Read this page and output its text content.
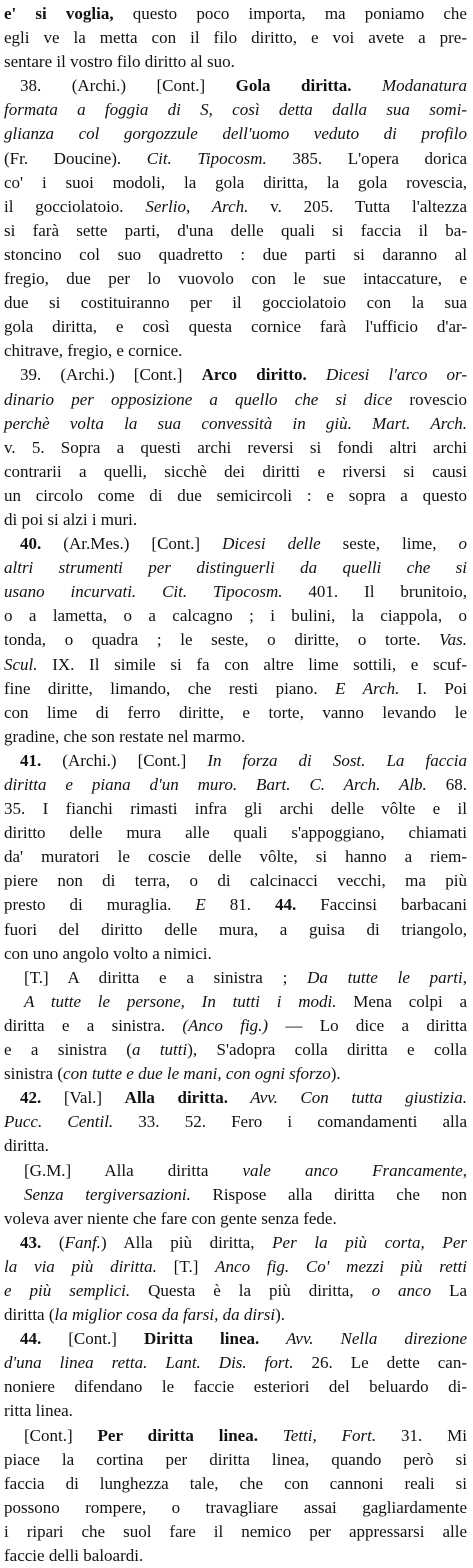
e' si voglia, questo poco importa, ma poniamo che
egli ve la metta con il filo diritto, e voi avete a pre-
sentare il vostro filo diritto al suo.
38. (Archi.) [Cont.] Gola diritta. Modanatura
formata a foggia di S, così detta dalla sua somi-
glianza col gorgozzule dell'uomo veduto di profilo
(Fr. Doucine). Cit. Tipocosm. 385. L'opera dorica
co' i suoi modoli, la gola diritta, la gola rovescia,
il gocciolatoio. Serlio, Arch. v. 205. Tutta l'altezza
si farà sette parti, d'una delle quali si faccia il ba-
stoncino col suo quadretto : due parti si daranno al
fregio, due per lo vuovolo con le sue intaccature, e
due si costituiranno per il gocciolatoio con la sua
gola diritta, e così questa cornice farà l'ufficio d'ar-
chitrave, fregio, e cornice.
39. (Archi.) [Cont.] Arco diritto. Dicesi l'arco or-
dinario per opposizione a quello che si dice rovescio
perchè volta la sua convessità in giù. Mart. Arch.
v. 5. Sopra a questi archi reversi si fondi altri archi
contrarii a quelli, sicchè dei diritti e riversi si causi
un circolo come di due semicircoli : e sopra a questo
di poi si alzi i muri.
40. (Ar.Mes.) [Cont.] Dicesi delle seste, lime, o
altri strumenti per distinguerli da quelli che si
usano incurvati. Cit. Tipocosm. 401. Il brunitoio,
o a lametta, o a calcagno ; i bulini, la ciappola, o
tonda, o quadra ; le seste, o diritte, o torte. Vas.
Scul. IX. Il simile si fa con altre lime sottili, e scuf-
fine diritte, limando, che resti piano. E Arch. I. Poi
con lime di ferro diritte, e torte, vanno levando le
gradine, che son restate nel marmo.
41. (Archi.) [Cont.] In forza di Sost. La faccia
diritta e piana d'un muro. Bart. C. Arch. Alb. 68.
35. I fianchi rimasti infra gli archi delle vôlte e il
diritto delle mura alle quali s'appoggiano, chiamati
da' muratori le coscie delle vôlte, si hanno a riem-
piere non di terra, o di calcinacci vecchi, ma più
presto di muraglia. E 81. 44. Faccinsi barbacani
fuori del diritto delle mura, a guisa di triangolo,
con uno angolo volto a nimici.
[T.] A diritta e a sinistra ; Da tutte le parti,
A tutte le persone, In tutti i modi. Mena colpi a
diritta e a sinistra. (Anco fig.) — Lo dice a diritta
e a sinistra (a tutti), S'adopra colla diritta e colla
sinistra (con tutte e due le mani, con ogni sforzo).
42. [Val.] Alla diritta. Avv. Con tutta giustizia.
Pucc. Centil. 33. 52. Fero i comandamenti alla
diritta.
[G.M.] Alla diritta vale anco Francamente,
Senza tergiversazioni. Rispose alla diritta che non
voleva aver niente che fare con gente senza fede.
43. (Fanf.) Alla più diritta, Per la più corta, Per
la via più diritta. [T.] Anco fig. Co' mezzi più retti
e più semplici. Questa è la più diritta, o anco La
diritta (la miglior cosa da farsi, da dirsi).
44. [Cont.] Diritta linea. Avv. Nella direzione
d'una linea retta. Lant. Dis. fort. 26. Le dette can-
noniere difendano le faccie esteriori del beluardo di-
ritta linea.
[Cont.] Per diritta linea. Tetti, Fort. 31. Mi
piace la cortina per diritta linea, quando però si
faccia di lunghezza tale, che con cannoni reali si
possono rompere, o travagliare assai gagliardamente
i ripari che suol fare il nemico per appressarsi alle
faccie delli baloardi.
